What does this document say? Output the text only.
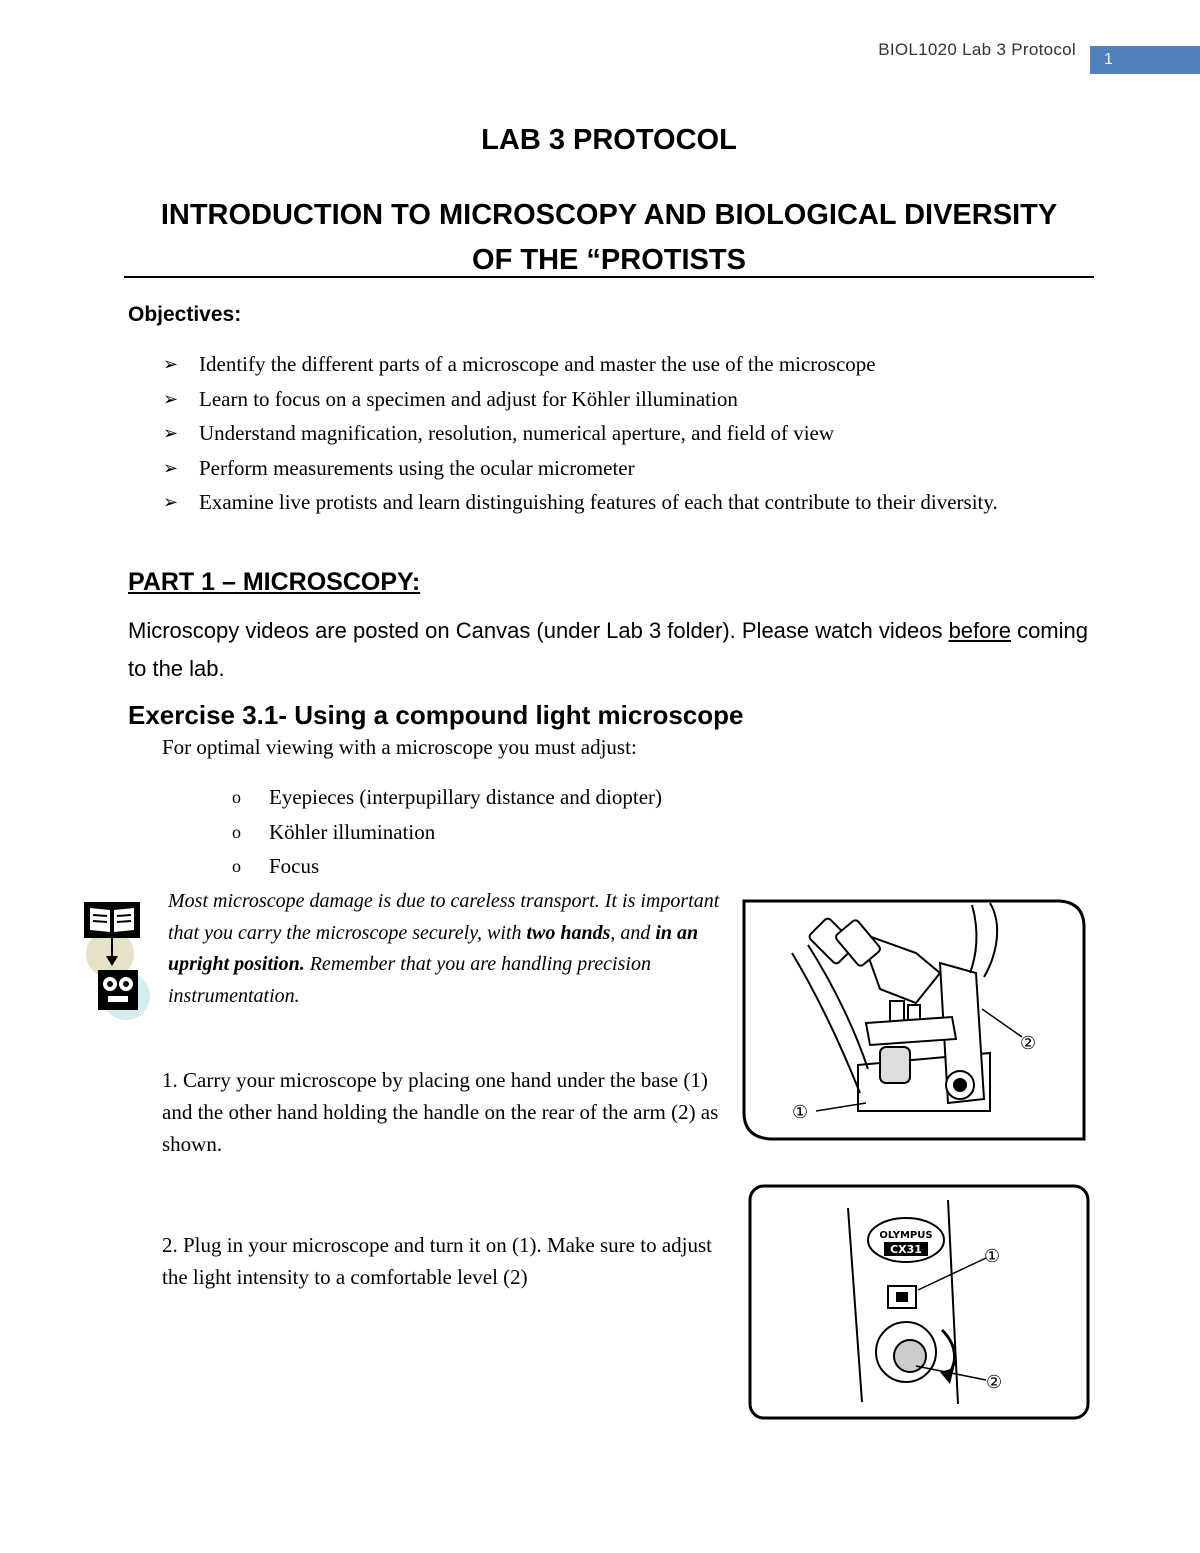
BIOL1020 Lab 3 Protocol
1
LAB 3 PROTOCOL
INTRODUCTION TO MICROSCOPY AND BIOLOGICAL DIVERSITY
OF THE “PROTISTS
Objectives:
➢ Identify the different parts of a microscope and master the use of the microscope
➢ Learn to focus on a specimen and adjust for Köhler illumination
➢ Understand magnification, resolution, numerical aperture, and field of view
➢ Perform measurements using the ocular micrometer
➢ Examine live protists and learn distinguishing features of each that contribute to their diversity.
PART 1 – MICROSCOPY:
Microscopy videos are posted on Canvas (under Lab 3 folder). Please watch videos before coming to the lab.
Exercise 3.1- Using a compound light microscope
For optimal viewing with a microscope you must adjust:
o Eyepieces (interpupillary distance and diopter)
o Köhler illumination
o Focus
Most microscope damage is due to careless transport. It is important that you carry the microscope securely, with two hands, and in an upright position. Remember that you are handling precision instrumentation.
1. Carry your microscope by placing one hand under the base (1) and the other hand holding the handle on the rear of the arm (2) as shown.
2. Plug in your microscope and turn it on (1). Make sure to adjust the light intensity to a comfortable level (2)
①
②
OLYMPUS
CX31	①
②
